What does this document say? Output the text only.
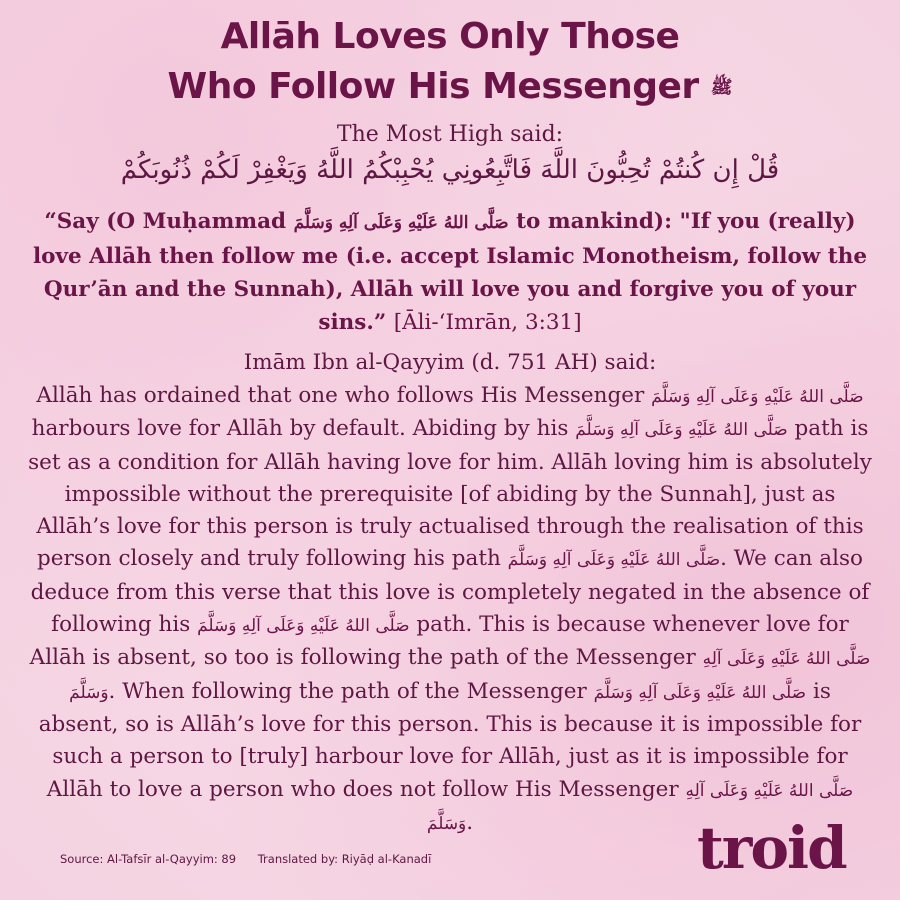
Allāh Loves Only Those
Who Follow His Messenger ﷺ
The Most High said:
قُلْ إِن كُنتُمْ تُحِبُّونَ اللَّهَ فَاتَّبِعُونِي يُحْبِبْكُمُ اللَّهُ وَيَغْفِرْ لَكُمْ ذُنُوبَكُمْ
“Say (O Muḥammad صَلَّى اللهُ عَلَيْهِ وَعَلَى آلِهِ وَسَلَّمَ to mankind): "If you (really) love Allāh then follow me (i.e. accept Islamic Monotheism, follow the Qur’ān and the Sunnah), Allāh will love you and forgive you of your sins.” [Āli-‘Imrān, 3:31]
Imām Ibn al-Qayyim (d. 751 AH) said:
Allāh has ordained that one who follows His Messenger صَلَّى اللهُ عَلَيْهِ وَعَلَى آلِهِ وَسَلَّمَ harbours love for Allāh by default. Abiding by his صَلَّى اللهُ عَلَيْهِ وَعَلَى آلِهِ وَسَلَّمَ path is set as a condition for Allāh having love for him. Allāh loving him is absolutely impossible without the prerequisite [of abiding by the Sunnah], just as Allāh’s love for this person is truly actualised through the realisation of this person closely and truly following his path صَلَّى اللهُ عَلَيْهِ وَعَلَى آلِهِ وَسَلَّمَ. We can also deduce from this verse that this love is completely negated in the absence of following his صَلَّى اللهُ عَلَيْهِ وَعَلَى آلِهِ وَسَلَّمَ path. This is because whenever love for Allāh is absent, so too is following the path of the Messenger صَلَّى اللهُ عَلَيْهِ وَعَلَى آلِهِ وَسَلَّمَ. When following the path of the Messenger صَلَّى اللهُ عَلَيْهِ وَعَلَى آلِهِ وَسَلَّمَ is absent, so is Allāh’s love for this person. This is because it is impossible for such a person to [truly] harbour love for Allāh, just as it is impossible for Allāh to love a person who does not follow His Messenger صَلَّى اللهُ عَلَيْهِ وَعَلَى آلِهِ وَسَلَّمَ.
Source: Al-Tafsīr al-Qayyim: 89 Translated by: Riyāḍ al-Kanadī	troid
